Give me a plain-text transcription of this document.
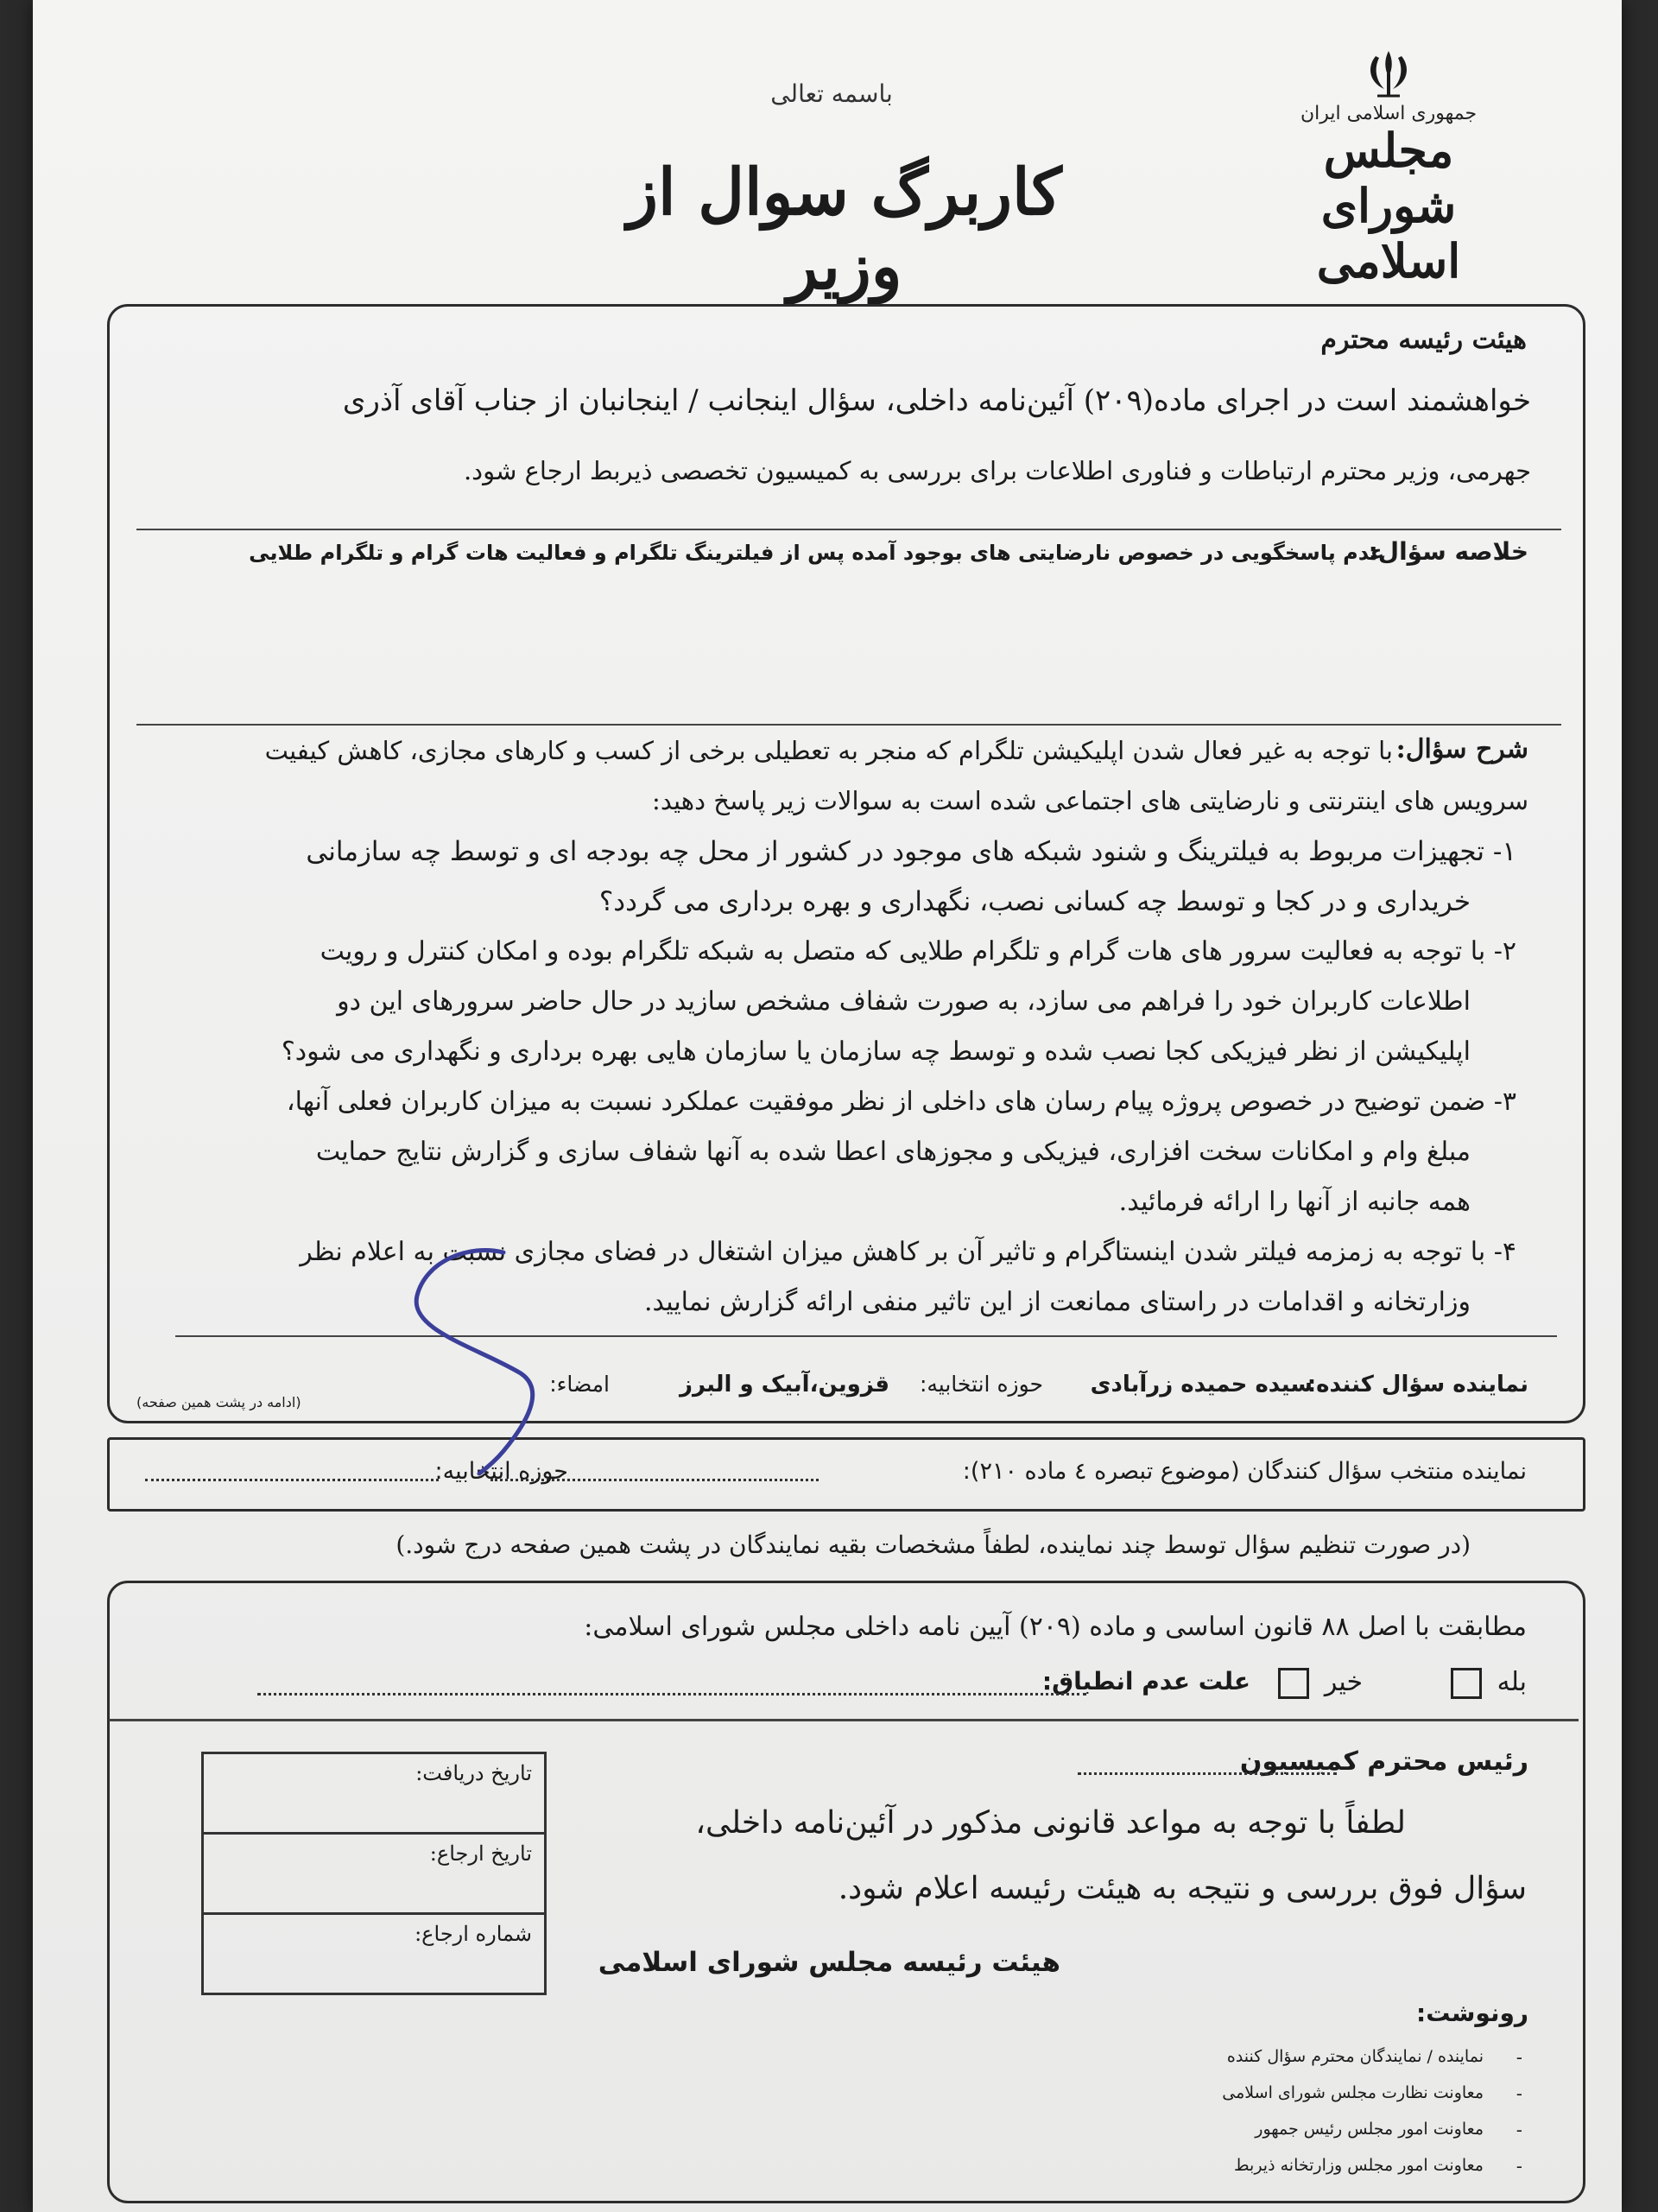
باسمه تعالی
کاربرگ سوال از وزیر
جمهوری اسلامی ایران
مجلس شورای اسلامی
هیئت رئیسه محترم
خواهشمند است در اجرای ماده(۲۰۹) آئین‌نامه داخلی، سؤال اینجانب / اینجانبان از جناب آقای آذری
جهرمی، وزیر محترم ارتباطات و فناوری اطلاعات برای بررسی به کمیسیون تخصصی ذیربط ارجاع شود.
خلاصه سؤال:
عدم پاسخگویی در خصوص نارضایتی های بوجود آمده پس از فیلترینگ تلگرام و فعالیت هات گرام و تلگرام طلایی
شرح سؤال:
با توجه به غیر فعال شدن اپلیکیشن تلگرام که منجر به تعطیلی برخی از کسب و کارهای مجازی، کاهش کیفیت
سرویس های اینترنتی و نارضایتی های اجتماعی شده است به سوالات زیر پاسخ دهید:
۱- تجهیزات مربوط به فیلترینگ و شنود شبکه های موجود در کشور از محل چه بودجه ای و توسط چه سازمانی
خریداری و در کجا و توسط چه کسانی نصب، نگهداری و بهره برداری می گردد؟
۲- با توجه به فعالیت سرور های هات گرام و تلگرام طلایی که متصل به شبکه تلگرام بوده و امکان کنترل و رویت
اطلاعات کاربران خود را فراهم می سازد، به صورت شفاف مشخص سازید در حال حاضر سرورهای این دو
اپلیکیشن از نظر فیزیکی کجا نصب شده و توسط چه سازمان یا سازمان هایی بهره برداری و نگهداری می شود؟
۳- ضمن توضیح در خصوص پروژه پیام رسان های داخلی از نظر موفقیت عملکرد نسبت به میزان کاربران فعلی آنها،
مبلغ وام و امکانات سخت افزاری، فیزیکی و مجوزهای اعطا شده به آنها شفاف سازی و گزارش نتایج حمایت
همه جانبه از آنها را ارائه فرمائید.
۴- با توجه به زمزمه فیلتر شدن اینستاگرام و تاثیر آن بر کاهش میزان اشتغال در فضای مجازی نسبت به اعلام نظر
وزارتخانه و اقدامات در راستای ممانعت از این تاثیر منفی ارائه گزارش نمایید.
نماینده سؤال کننده:
سیده حمیده زرآبادی
حوزه انتخابیه:
قزوین،آبیک و البرز
امضاء:
(ادامه در پشت همین صفحه)
نماینده منتخب سؤال کنندگان (موضوع تبصره ٤ ماده ۲۱۰):
حوزه انتخابیه:
(در صورت تنظیم سؤال توسط چند نماینده، لطفاً مشخصات بقیه نمایندگان در پشت همین صفحه درج شود.)
مطابقت با اصل ۸۸ قانون اساسی و ماده (۲۰۹) آیین نامه داخلی مجلس شورای اسلامی:
بله
خیر
علت عدم انطباق:
رئیس محترم کمیسیون
لطفاً با توجه به مواعد قانونی مذکور در آئین‌نامه داخلی،
سؤال فوق بررسی و نتیجه به هیئت رئیسه اعلام شود.
هیئت رئیسه مجلس شورای اسلامی
تاریخ دریافت:
تاریخ ارجاع:
شماره ارجاع:
رونوشت:
نماینده / نمایندگان محترم سؤال کننده
معاونت نظارت مجلس شورای اسلامی
معاونت امور مجلس رئیس جمهور
معاونت امور مجلس وزارتخانه ذیربط
-
-
-
-
